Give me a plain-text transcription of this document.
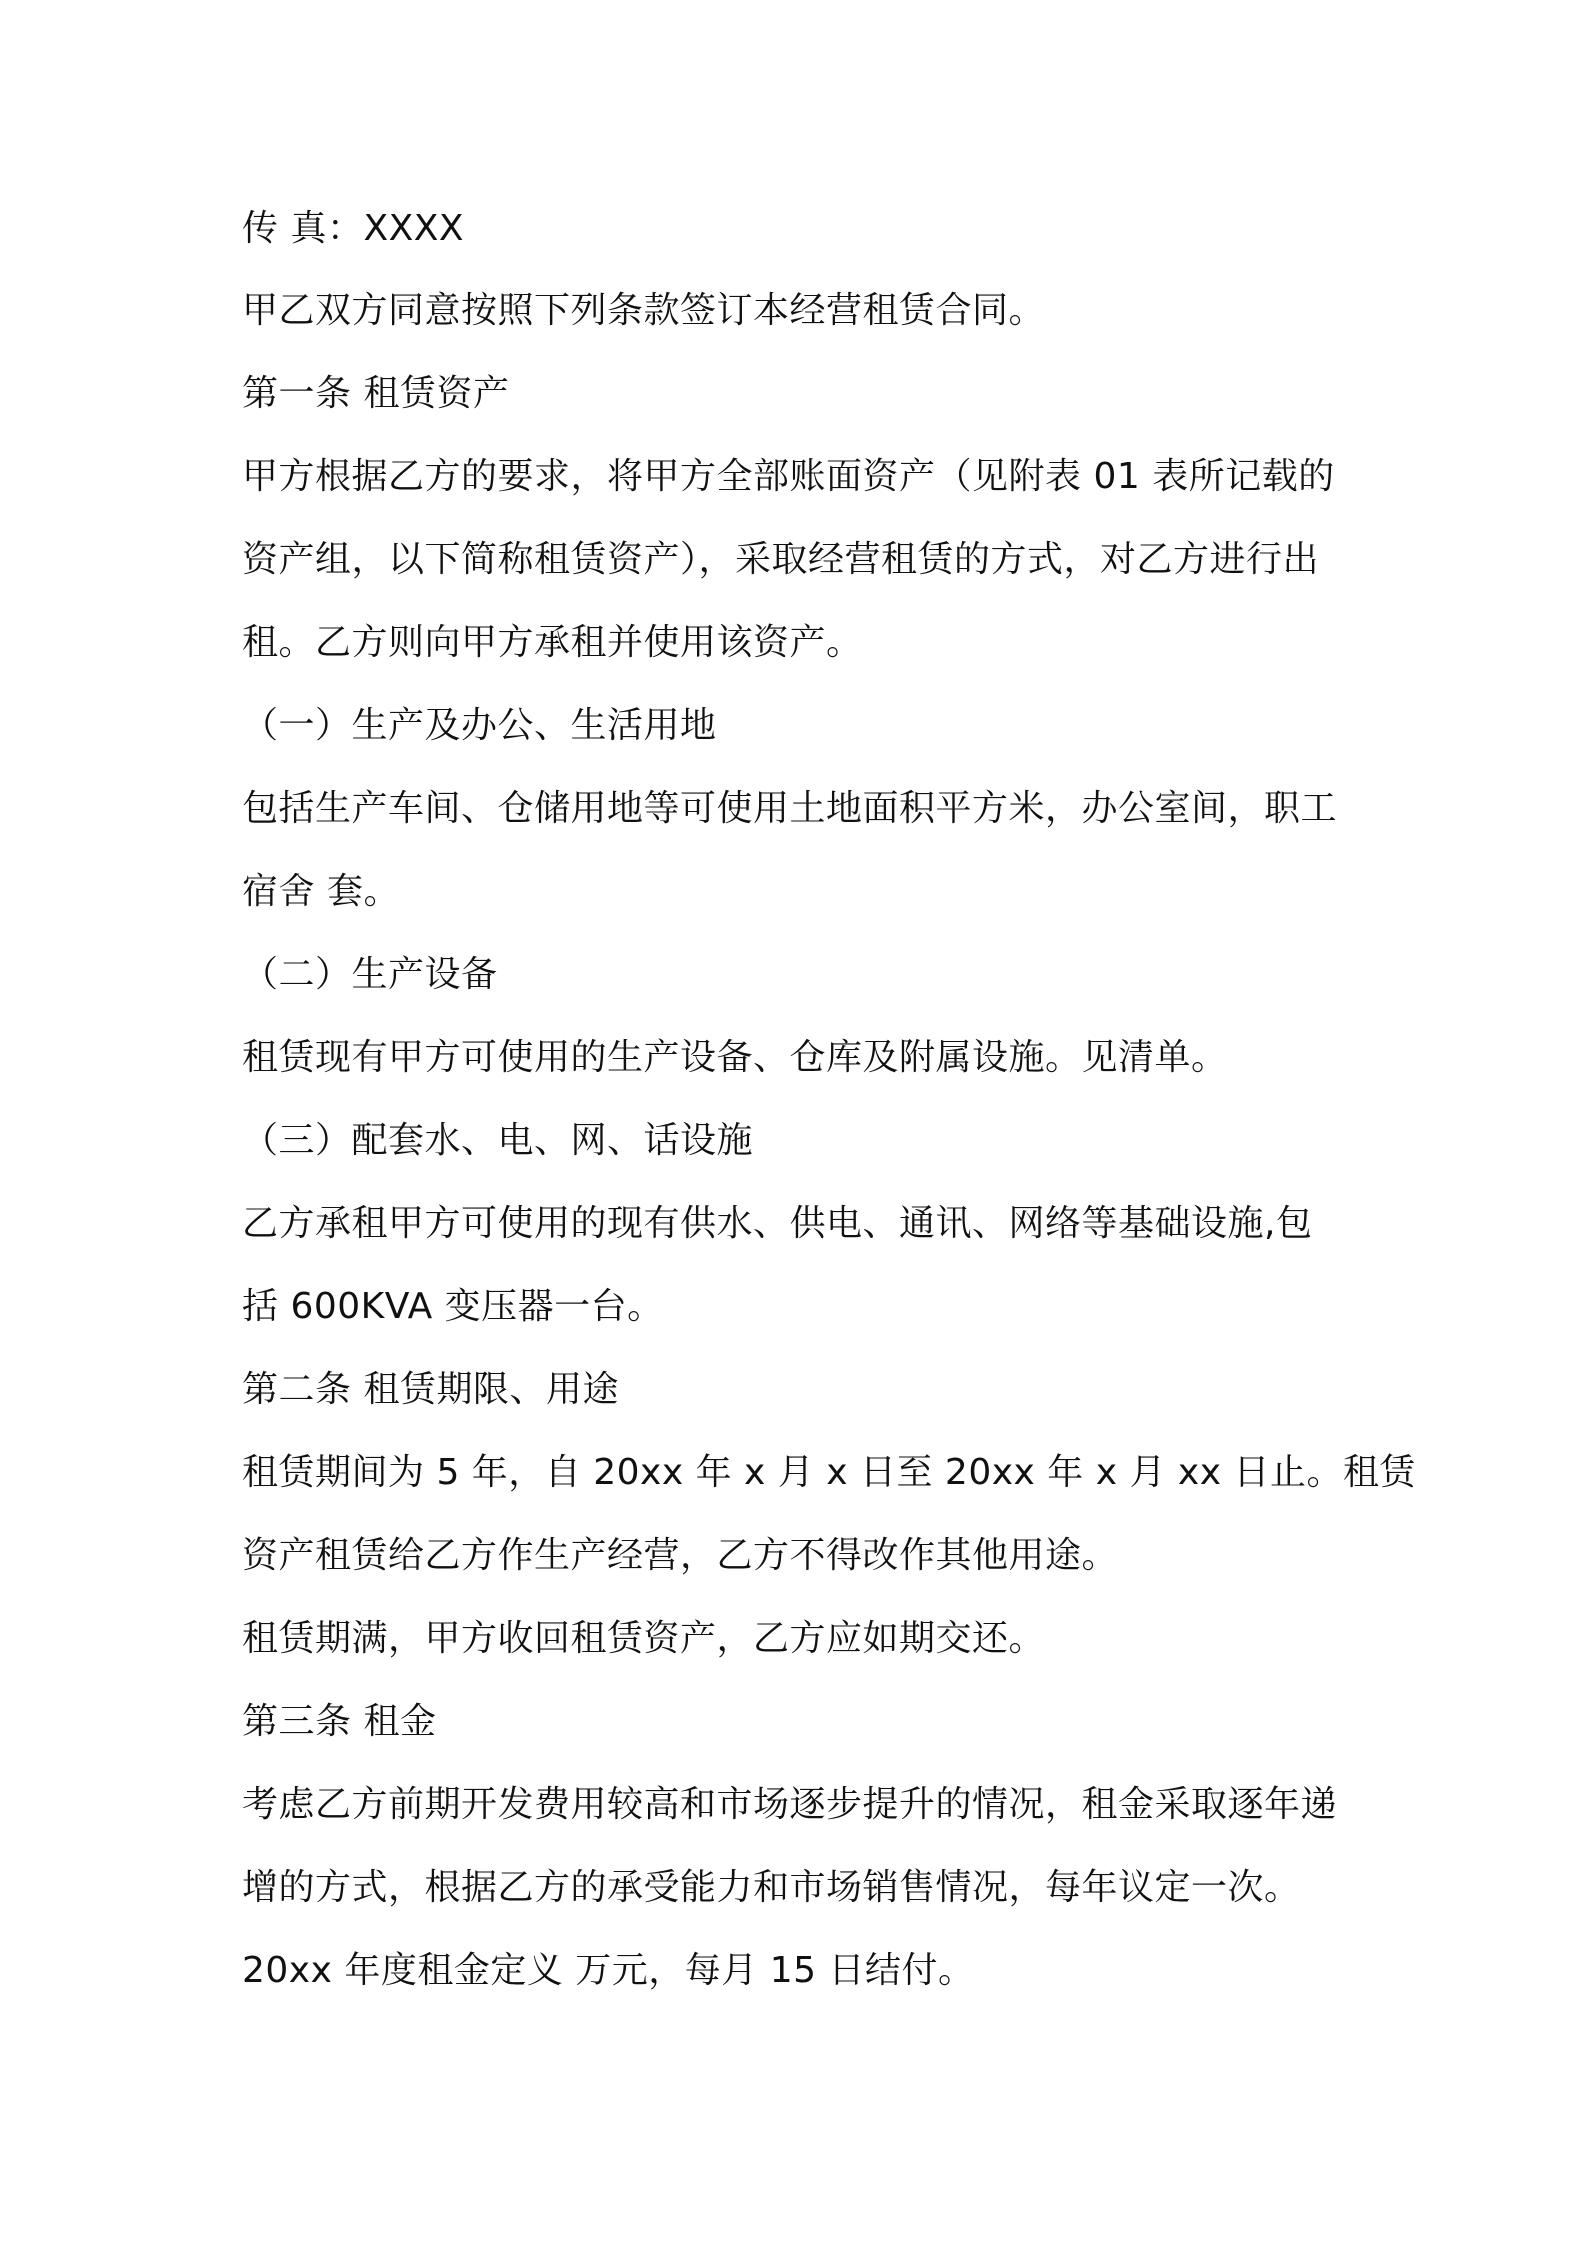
传 真：XXXX
甲乙双方同意按照下列条款签订本经营租赁合同。
第一条 租赁资产
甲方根据乙方的要求，将甲方全部账面资产（见附表 01 表所记载的
资产组，以下简称租赁资产），采取经营租赁的方式，对乙方进行出
租。乙方则向甲方承租并使用该资产。
（一）生产及办公、生活用地
包括生产车间、仓储用地等可使用土地面积平方米，办公室间，职工
宿舍 套。
（二）生产设备
租赁现有甲方可使用的生产设备、仓库及附属设施。见清单。
（三）配套水、电、网、话设施
乙方承租甲方可使用的现有供水、供电、通讯、网络等基础设施,包
括 600KVA 变压器一台。
第二条 租赁期限、用途
租赁期间为 5 年，自 20xx 年 x 月 x 日至 20xx 年 x 月 xx 日止。租赁
资产租赁给乙方作生产经营，乙方不得改作其他用途。
租赁期满，甲方收回租赁资产，乙方应如期交还。
第三条 租金
考虑乙方前期开发费用较高和市场逐步提升的情况，租金采取逐年递
增的方式，根据乙方的承受能力和市场销售情况，每年议定一次。
20xx 年度租金定义 万元，每月 15 日结付。
